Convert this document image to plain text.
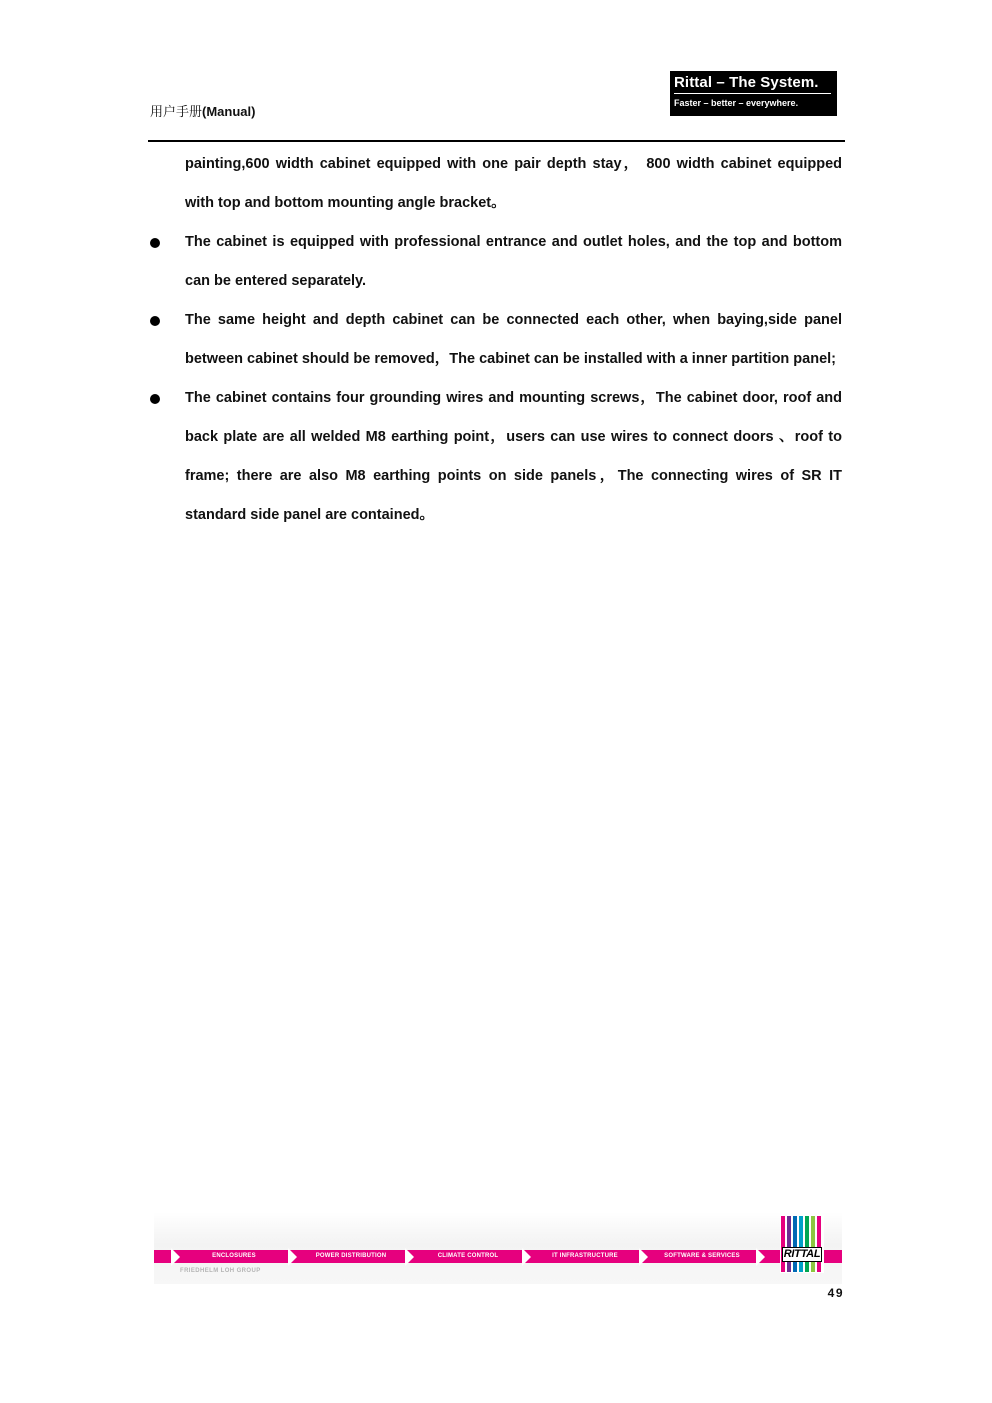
用户手册(Manual)
Rittal – The System.
Faster – better – everywhere.
painting,600 width cabinet equipped with one pair depth stay， 800 width cabinet equipped with top and bottom mounting angle bracket。
The cabinet is equipped with professional entrance and outlet holes, and the top and bottom can be entered separately.
The same height and depth cabinet can be connected each other, when baying,side panel between cabinet should be removed，The cabinet can be installed with a inner partition panel;
The cabinet contains four grounding wires and mounting screws，The cabinet door, roof and back plate are all welded M8 earthing point，users can use wires to connect doors 、roof to frame; there are also M8 earthing points on side panels，The connecting wires of SR IT standard side panel are contained。
ENCLOSURES	POWER DISTRIBUTION	CLIMATE CONTROL	IT INFRASTRUCTURE	SOFTWARE & SERVICES
FRIEDHELM LOH GROUP
RITTAL
49
